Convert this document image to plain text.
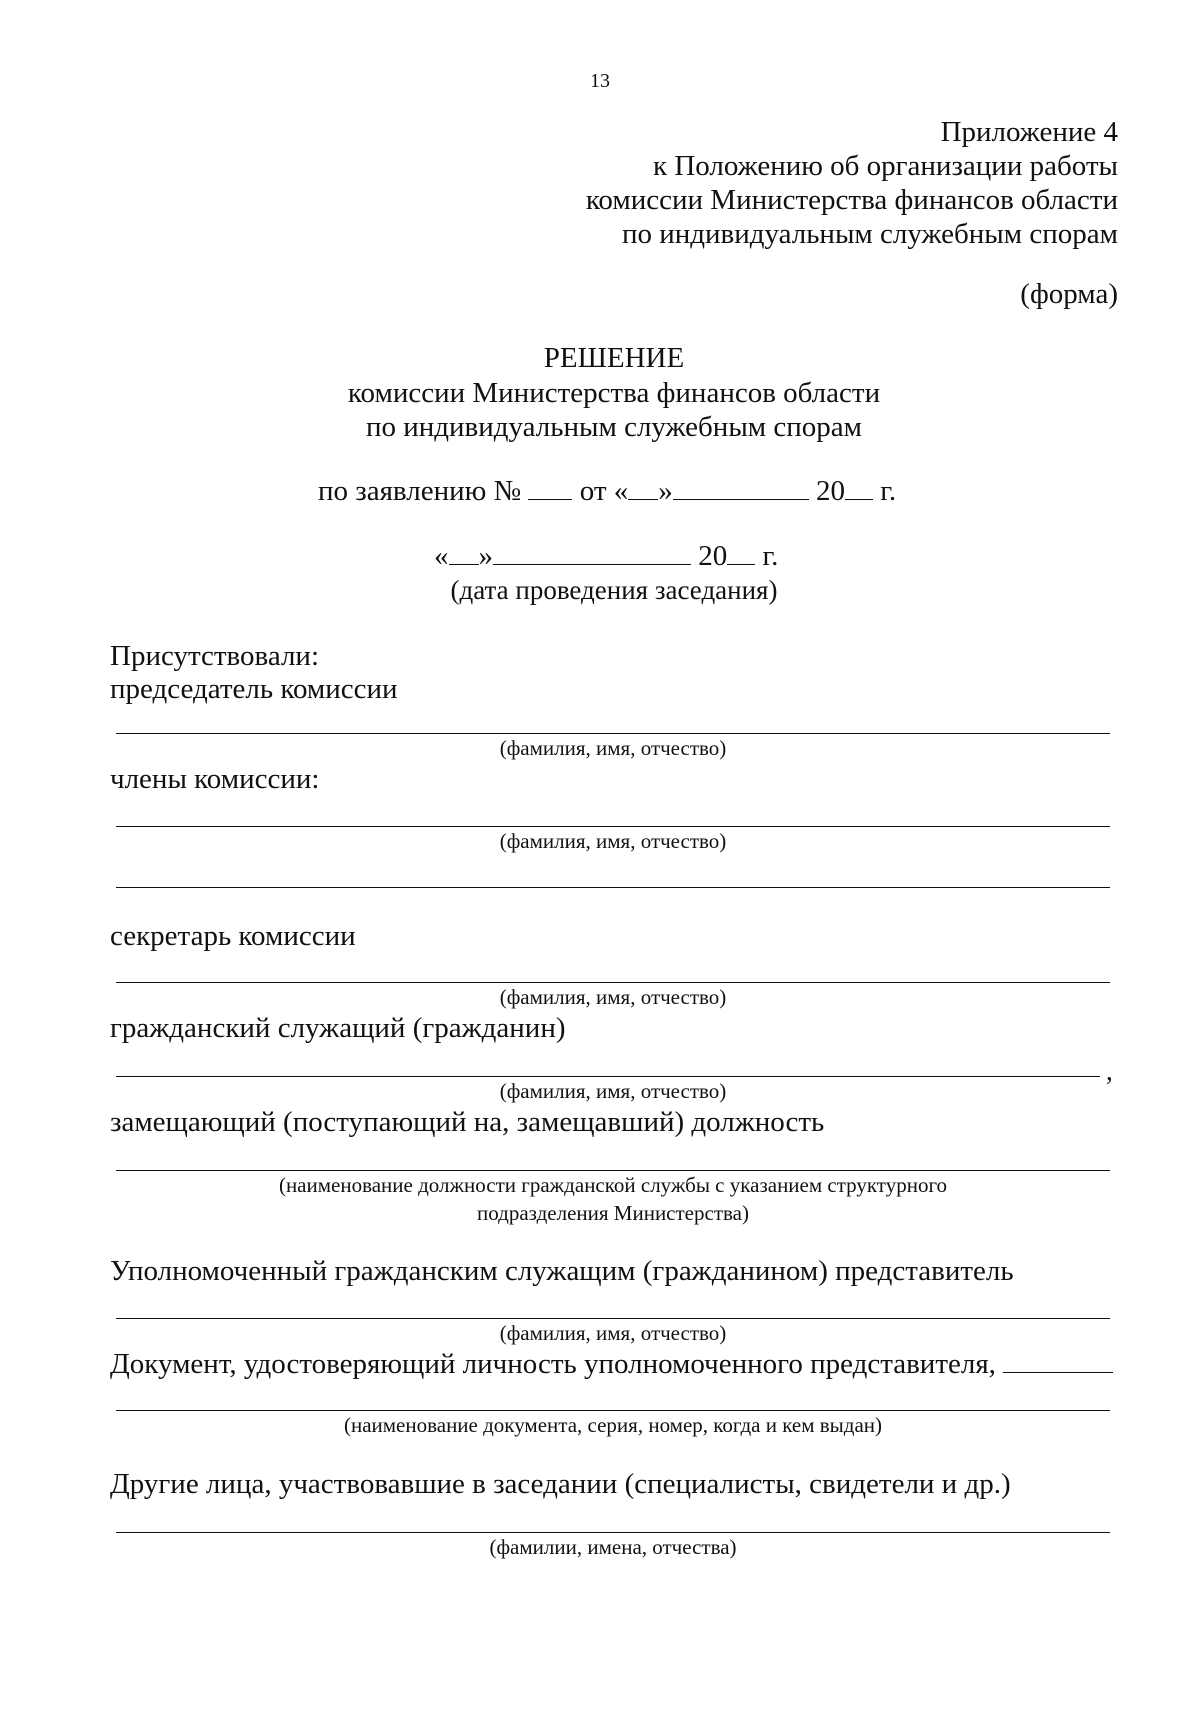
13
Приложение 4
к Положению об организации работы
комиссии Министерства финансов области
по индивидуальным служебным спорам
(форма)
РЕШЕНИЕ
комиссии Министерства финансов области
по индивидуальным служебным спорам
по заявлению № от « »	20 г.
« »	20 г.
(дата проведения заседания)
Присутствовали:
председатель комиссии
(фамилия, имя, отчество)
члены комиссии:
(фамилия, имя, отчество)
секретарь комиссии
(фамилия, имя, отчество)
гражданский служащий (гражданин)
,
(фамилия, имя, отчество)
замещающий (поступающий на, замещавший) должность
(наименование должности гражданской службы с указанием структурного
подразделения Министерства)
Уполномоченный гражданским служащим (гражданином) представитель
(фамилия, имя, отчество)
Документ, удостоверяющий личность уполномоченного представителя,
(наименование документа, серия, номер, когда и кем выдан)
Другие лица, участвовавшие в заседании (специалисты, свидетели и др.)
(фамилии, имена, отчества)
